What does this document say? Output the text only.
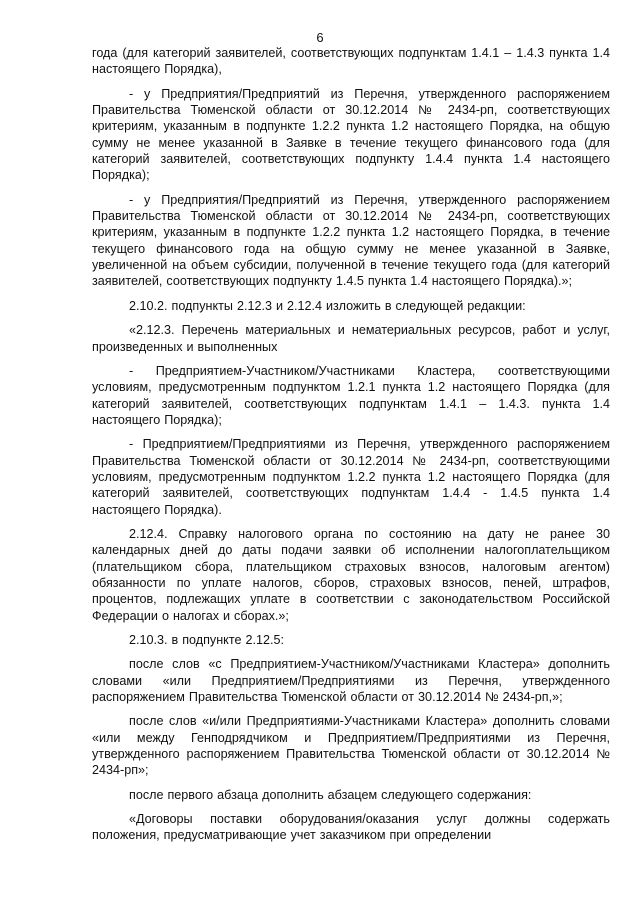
6

года (для категорий заявителей, соответствующих подпунктам 1.4.1 – 1.4.3 пункта 1.4 настоящего Порядка),

- у Предприятия/Предприятий из Перечня, утвержденного распоряжением Правительства Тюменской области от 30.12.2014 № 2434-рп, соответствующих критериям, указанным в подпункте 1.2.2 пункта 1.2 настоящего Порядка, на общую сумму не менее указанной в Заявке в течение текущего финансового года (для категорий заявителей, соответствующих подпункту 1.4.4 пункта 1.4 настоящего Порядка);

- у Предприятия/Предприятий из Перечня, утвержденного распоряжением Правительства Тюменской области от 30.12.2014 № 2434-рп, соответствующих критериям, указанным в подпункте 1.2.2 пункта 1.2 настоящего Порядка, в течение текущего финансового года на общую сумму не менее указанной в Заявке, увеличенной на объем субсидии, полученной в течение текущего года (для категорий заявителей, соответствующих подпункту 1.4.5 пункта 1.4 настоящего Порядка).»;

2.10.2. подпункты 2.12.3 и 2.12.4 изложить в следующей редакции:

«2.12.3. Перечень материальных и нематериальных ресурсов, работ и услуг, произведенных и выполненных

- Предприятием-Участником/Участниками Кластера, соответствующими условиям, предусмотренным подпунктом 1.2.1 пункта 1.2 настоящего Порядка (для категорий заявителей, соответствующих подпунктам 1.4.1 – 1.4.3. пункта 1.4 настоящего Порядка);

- Предприятием/Предприятиями из Перечня, утвержденного распоряжением Правительства Тюменской области от 30.12.2014 № 2434-рп, соответствующими условиям, предусмотренным подпунктом 1.2.2 пункта 1.2 настоящего Порядка (для категорий заявителей, соответствующих подпунктам 1.4.4 - 1.4.5 пункта 1.4 настоящего Порядка).

2.12.4. Справку налогового органа по состоянию на дату не ранее 30 календарных дней до даты подачи заявки об исполнении налогоплательщиком (плательщиком сбора, плательщиком страховых взносов, налоговым агентом) обязанности по уплате налогов, сборов, страховых взносов, пеней, штрафов, процентов, подлежащих уплате в соответствии с законодательством Российской Федерации о налогах и сборах.»;

2.10.3. в подпункте 2.12.5:

после слов «с Предприятием-Участником/Участниками Кластера» дополнить словами «или Предприятием/Предприятиями из Перечня, утвержденного распоряжением Правительства Тюменской области от 30.12.2014 № 2434-рп,»;

после слов «и/или Предприятиями-Участниками Кластера» дополнить словами «или между Генподрядчиком и Предприятием/Предприятиями из Перечня, утвержденного распоряжением Правительства Тюменской области от 30.12.2014 № 2434-рп»;

после первого абзаца дополнить абзацем следующего содержания:

«Договоры поставки оборудования/оказания услуг должны содержать положения, предусматривающие учет заказчиком при определении
